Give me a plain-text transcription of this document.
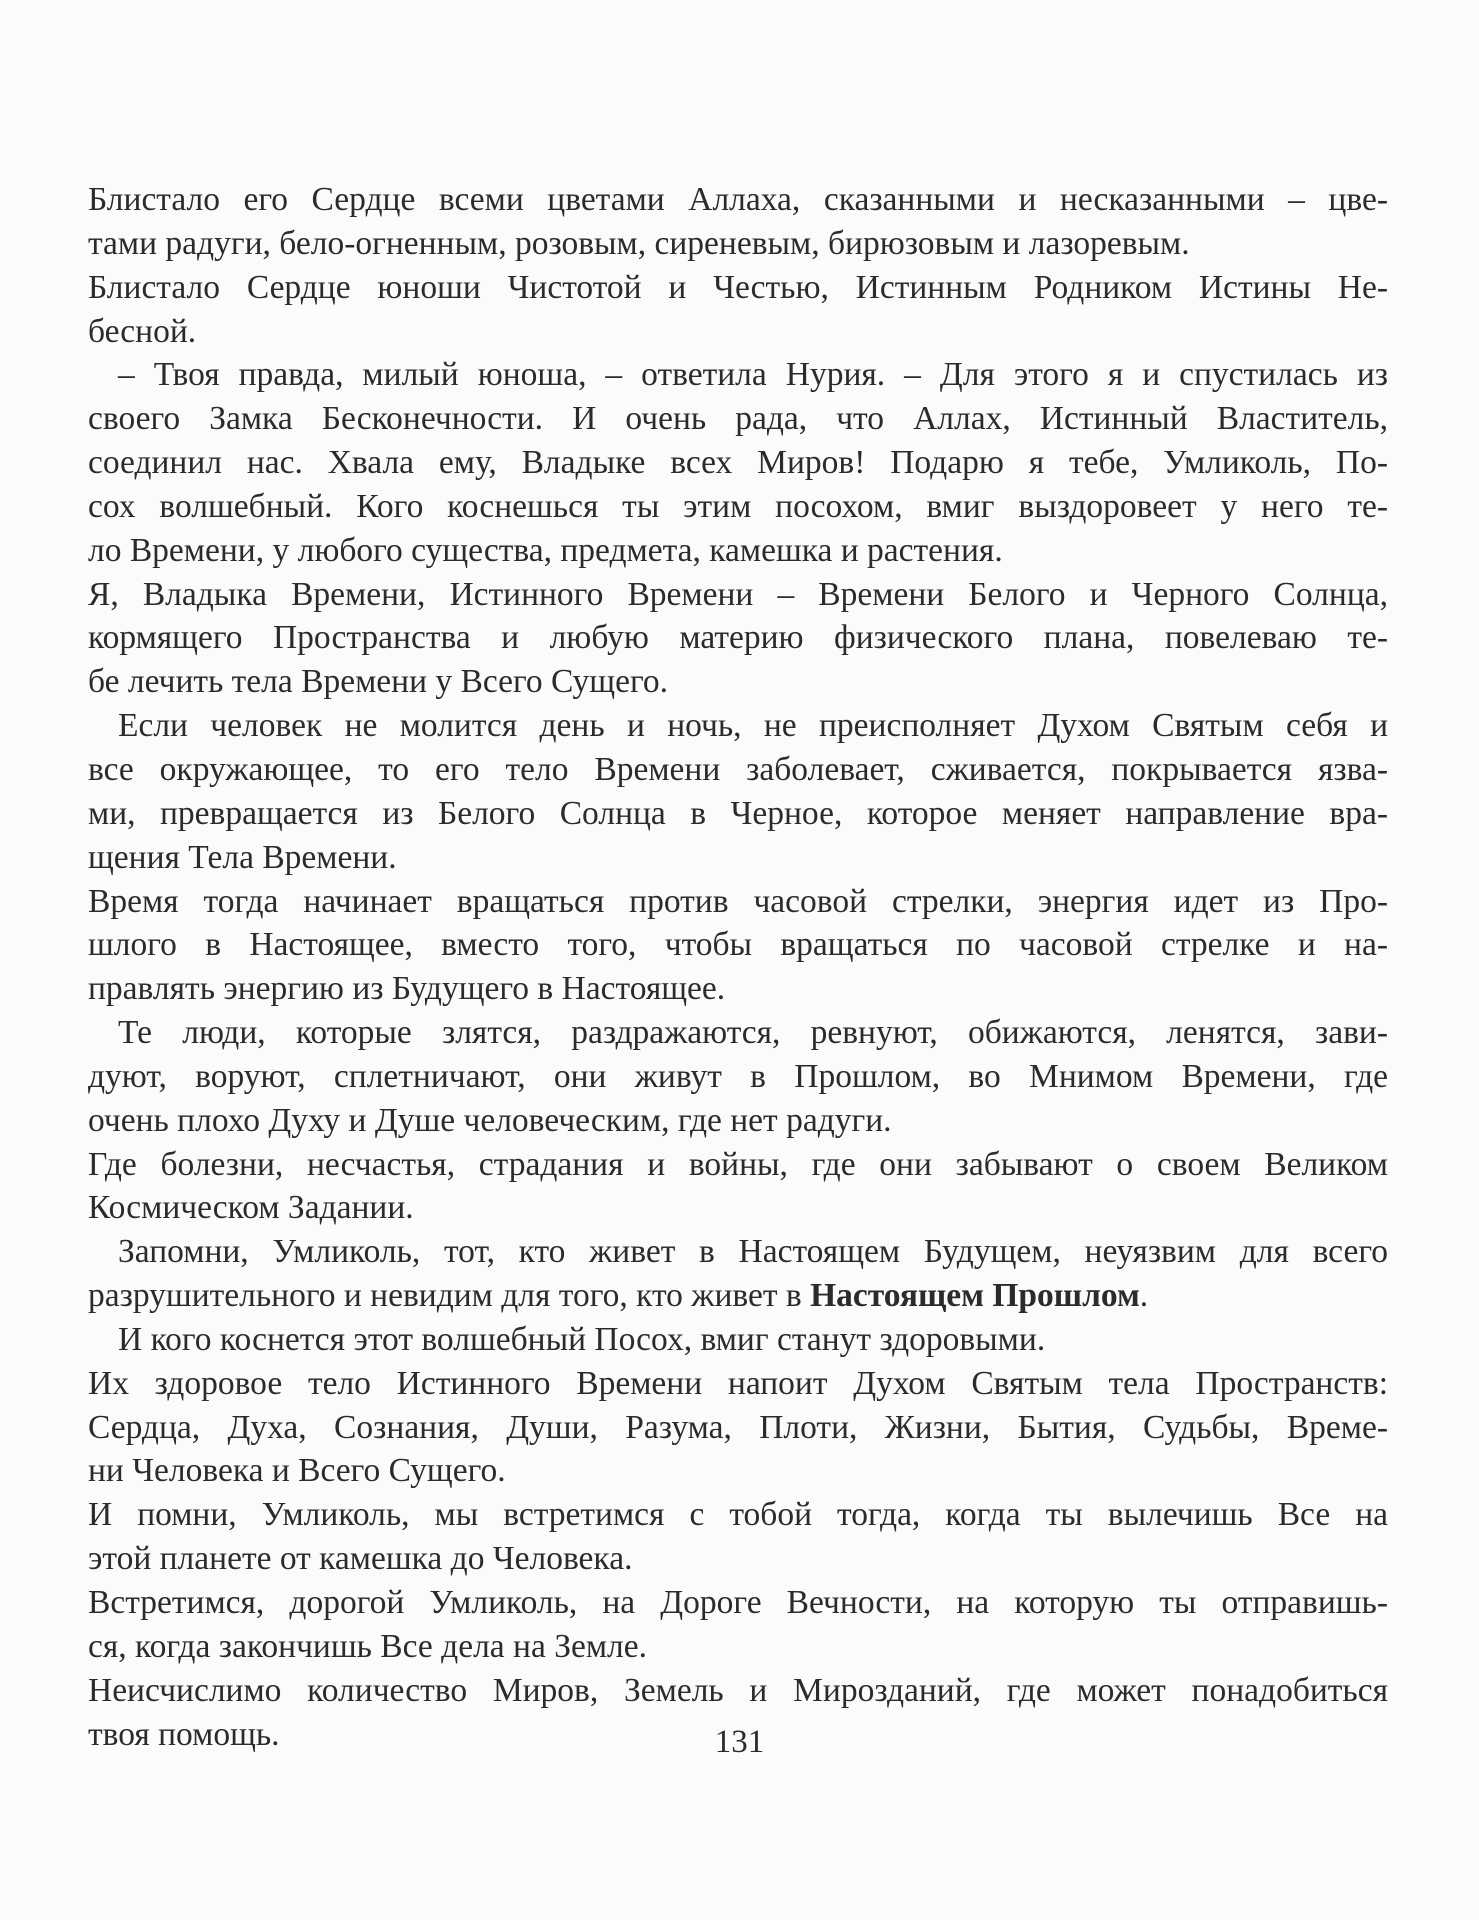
Блистало его Сердце всеми цветами Аллаха, сказанными и несказанными – цве-
тами радуги, бело-огненным, розовым, сиреневым, бирюзовым и лазоревым.
Блистало Сердце юноши Чистотой и Честью, Истинным Родником Истины Не-
бесной.
– Твоя правда, милый юноша, – ответила Нурия. – Для этого я и спустилась из
своего Замка Бесконечности. И очень рада, что Аллах, Истинный Властитель,
соединил нас. Хвала ему, Владыке всех Миров! Подарю я тебе, Умликоль, По-
сох волшебный. Кого коснешься ты этим посохом, вмиг выздоровеет у него те-
ло Времени, у любого существа, предмета, камешка и растения.
Я, Владыка Времени, Истинного Времени – Времени Белого и Черного Солнца,
кормящего Пространства и любую материю физического плана, повелеваю те-
бе лечить тела Времени у Всего Сущего.
Если человек не молится день и ночь, не преисполняет Духом Святым себя и
все окружающее, то его тело Времени заболевает, сживается, покрывается язва-
ми, превращается из Белого Солнца в Черное, которое меняет направление вра-
щения Тела Времени.
Время тогда начинает вращаться против часовой стрелки, энергия идет из Про-
шлого в Настоящее, вместо того, чтобы вращаться по часовой стрелке и на-
правлять энергию из Будущего в Настоящее.
Те люди, которые злятся, раздражаются, ревнуют, обижаются, ленятся, зави-
дуют, воруют, сплетничают, они живут в Прошлом, во Мнимом Времени, где
очень плохо Духу и Душе человеческим, где нет радуги.
Где болезни, несчастья, страдания и войны, где они забывают о своем Великом
Космическом Задании.
Запомни, Умликоль, тот, кто живет в Настоящем Будущем, неуязвим для всего
разрушительного и невидим для того, кто живет в Настоящем Прошлом.
И кого коснется этот волшебный Посох, вмиг станут здоровыми.
Их здоровое тело Истинного Времени напоит Духом Святым тела Пространств:
Сердца, Духа, Сознания, Души, Разума, Плоти, Жизни, Бытия, Судьбы, Време-
ни Человека и Всего Сущего.
И помни, Умликоль, мы встретимся с тобой тогда, когда ты вылечишь Все на
этой планете от камешка до Человека.
Встретимся, дорогой Умликоль, на Дороге Вечности, на которую ты отправишь-
ся, когда закончишь Все дела на Земле.
Неисчислимо количество Миров, Земель и Мирозданий, где может понадобиться
твоя помощь.	131
